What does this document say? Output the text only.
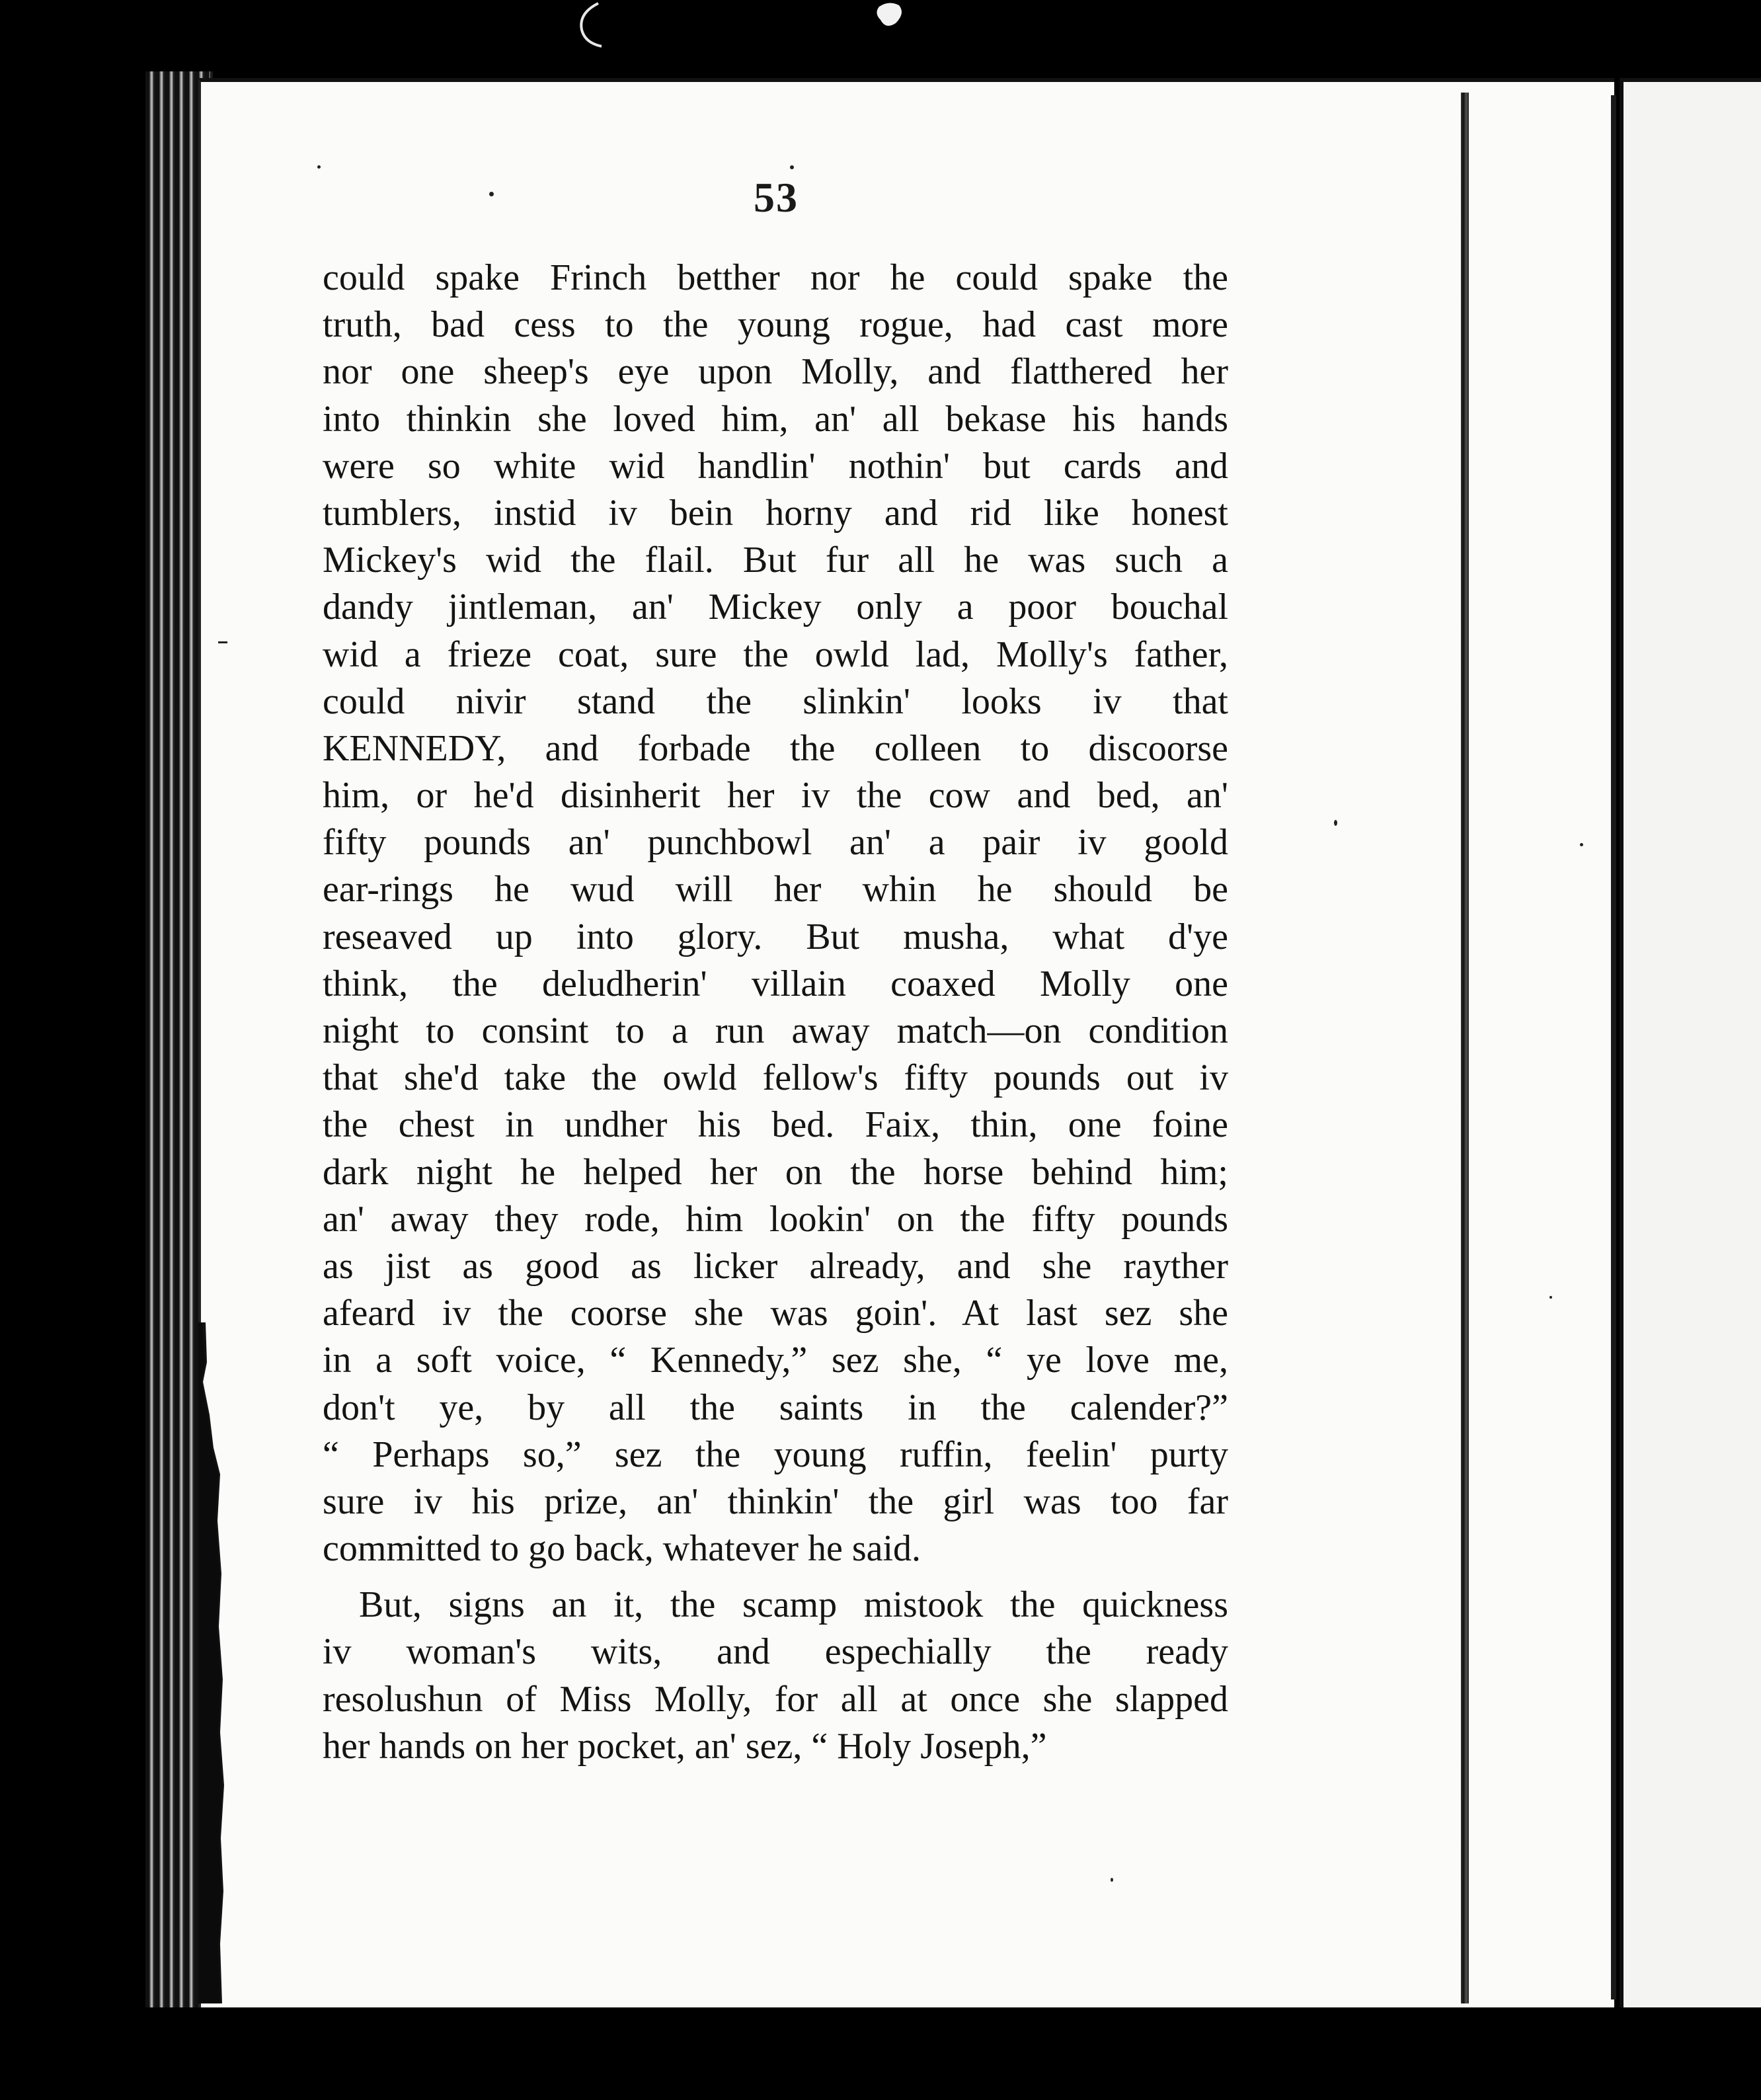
53
could spake Frinch betther nor he could spake the
truth, bad cess to the young rogue, had cast more
nor one sheep's eye upon Molly, and flatthered her
into thinkin she loved him, an' all bekase his hands
were so white wid handlin' nothin' but cards and
tumblers, instid iv bein horny and rid like honest
Mickey's wid the flail. But fur all he was such a
dandy jintleman, an' Mickey only a poor bouchal
wid a frieze coat, sure the owld lad, Molly's father,
could nivir stand the slinkin' looks iv that
KENNEDY, and forbade the colleen to discoorse
him, or he'd disinherit her iv the cow and bed, an'
fifty pounds an' punchbowl an' a pair iv goold
ear-rings he wud will her whin he should be
reseaved up into glory. But musha, what d'ye
think, the deludherin' villain coaxed Molly one
night to consint to a run away match—on condition
that she'd take the owld fellow's fifty pounds out iv
the chest in undher his bed. Faix, thin, one foine
dark night he helped her on the horse behind him;
an' away they rode, him lookin' on the fifty pounds
as jist as good as licker already, and she rayther
afeard iv the coorse she was goin'. At last sez she
in a soft voice, “ Kennedy,” sez she, “ ye love me,
don't ye, by all the saints in the calender?”
“ Perhaps so,” sez the young ruffin, feelin' purty
sure iv his prize, an' thinkin' the girl was too far
committed to go back, whatever he said.
But, signs an it, the scamp mistook the quickness
iv woman's wits, and espechially the ready
resolushun of Miss Molly, for all at once she slapped
her hands on her pocket, an' sez, “ Holy Joseph,”
